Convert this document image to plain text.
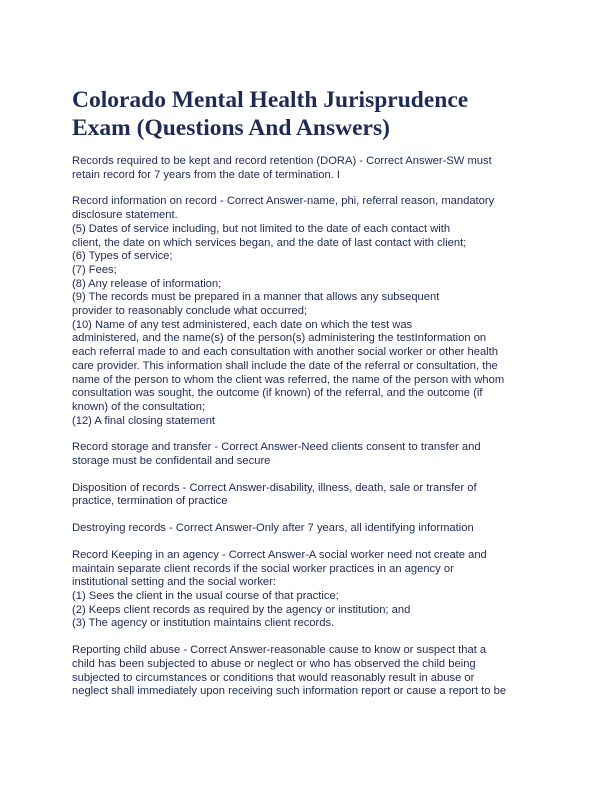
Colorado Mental Health Jurisprudence
Exam (Questions And Answers)
Records required to be kept and record retention (DORA) - Correct Answer-SW must
retain record for 7 years from the date of termination. I
Record information on record - Correct Answer-name, phi, referral reason, mandatory
disclosure statement.
(5) Dates of service including, but not limited to the date of each contact with
client, the date on which services began, and the date of last contact with client;
(6) Types of service;
(7) Fees;
(8) Any release of information;
(9) The records must be prepared in a manner that allows any subsequent
provider to reasonably conclude what occurred;
(10) Name of any test administered, each date on which the test was
administered, and the name(s) of the person(s) administering the testInformation on
each referral made to and each consultation with another social worker or other health
care provider. This information shall include the date of the referral or consultation, the
name of the person to whom the client was referred, the name of the person with whom
consultation was sought, the outcome (if known) of the referral, and the outcome (if
known) of the consultation;
(12) A final closing statement
Record storage and transfer - Correct Answer-Need clients consent to transfer and
storage must be confidentail and secure
Disposition of records - Correct Answer-disability, illness, death, sale or transfer of
practice, termination of practice
Destroying records - Correct Answer-Only after 7 years, all identifying information
Record Keeping in an agency - Correct Answer-A social worker need not create and
maintain separate client records if the social worker practices in an agency or
institutional setting and the social worker:
(1) Sees the client in the usual course of that practice;
(2) Keeps client records as required by the agency or institution; and
(3) The agency or institution maintains client records.
Reporting child abuse - Correct Answer-reasonable cause to know or suspect that a
child has been subjected to abuse or neglect or who has observed the child being
subjected to circumstances or conditions that would reasonably result in abuse or
neglect shall immediately upon receiving such information report or cause a report to be
